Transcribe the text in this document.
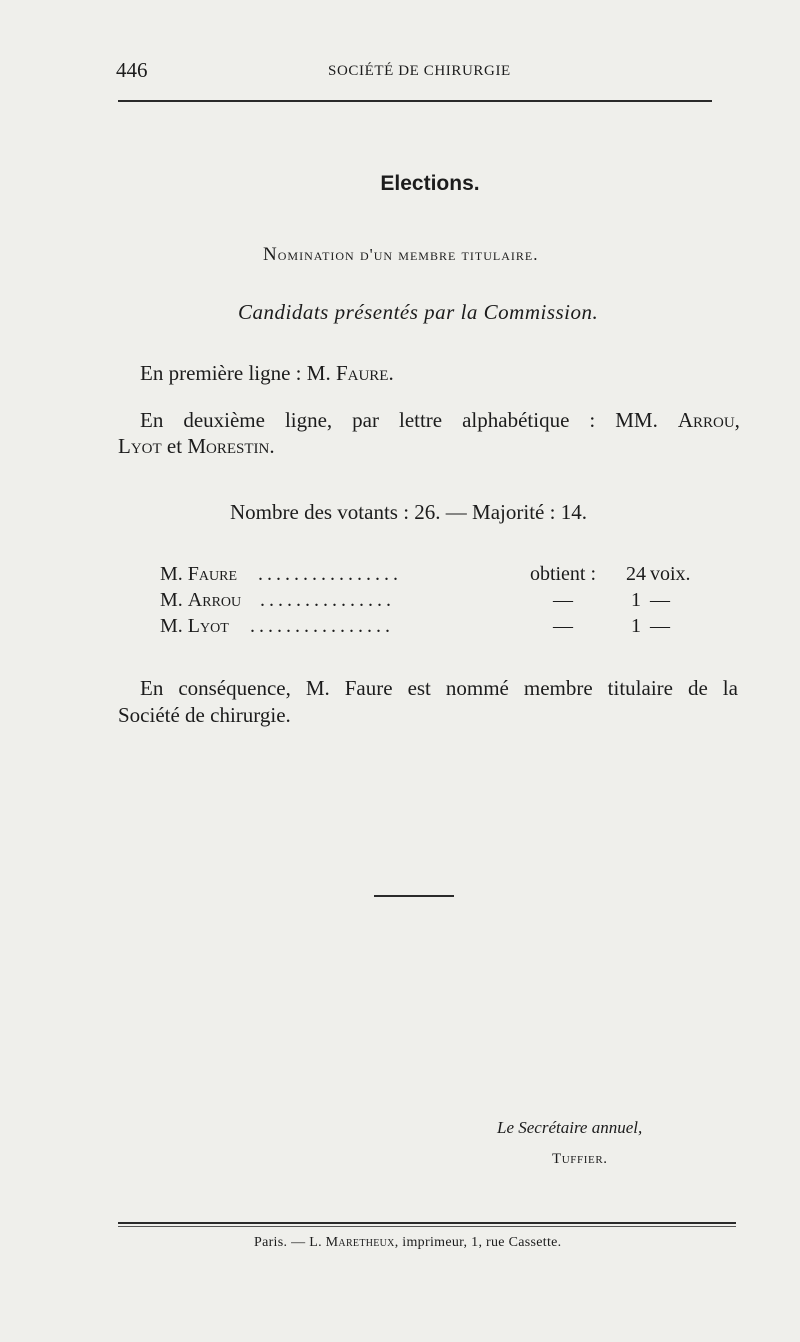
446	SOCIÉTÉ DE CHIRURGIE
Elections.
Nomination d'un membre titulaire.
Candidats présentés par la Commission.
En première ligne : M. Faure.
En deuxième ligne, par lettre alphabétique : MM. Arrou,
Lyot et Morestin.
Nombre des votants : 26. — Majorité : 14.
M. Faure ................	obtient :	24 voix.
M. Arrou ...............	—	1 —
M. Lyot ................	—	1 —
En conséquence, M. Faure est nommé membre titulaire de la
Société de chirurgie.
Le Secrétaire annuel,
Tuffier.
Paris. — L. Maretheux, imprimeur, 1, rue Cassette.
